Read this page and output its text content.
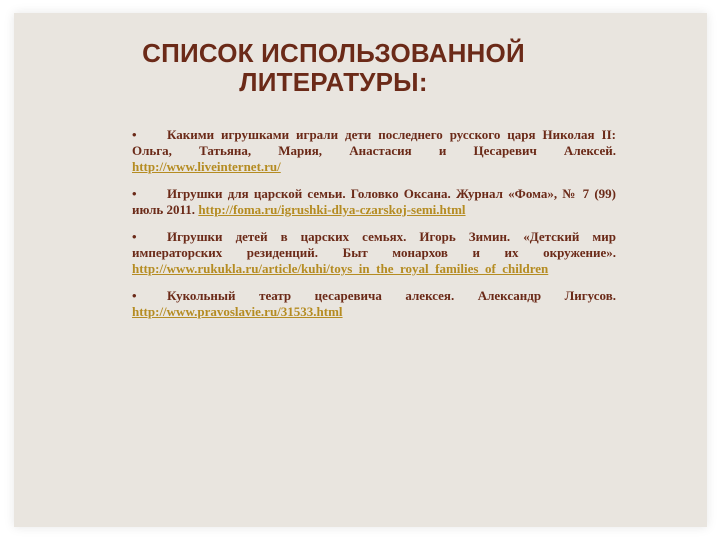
СПИСОК ИСПОЛЬЗОВАННОЙ
ЛИТЕРАТУРЫ:
• Какими игрушками играли дети последнего русского царя Николая II: Ольга, Татьяна, Мария, Анастасия и Цесаревич Алексей. http://www.liveinternet.ru/
• Игрушки для царской семьи. Головко Оксана. Журнал «Фома», № 7 (99) июль 2011. http://foma.ru/igrushki-dlya-czarskoj-semi.html
• Игрушки детей в царских семьях. Игорь Зимин. «Детский мир императорских резиденций. Быт монархов и их окружение». http://www.rukukla.ru/article/kuhi/toys_in_the_royal_families_of_children
• Кукольный театр цесаревича алексея. Александр Лигусов. http://www.pravoslavie.ru/31533.html
